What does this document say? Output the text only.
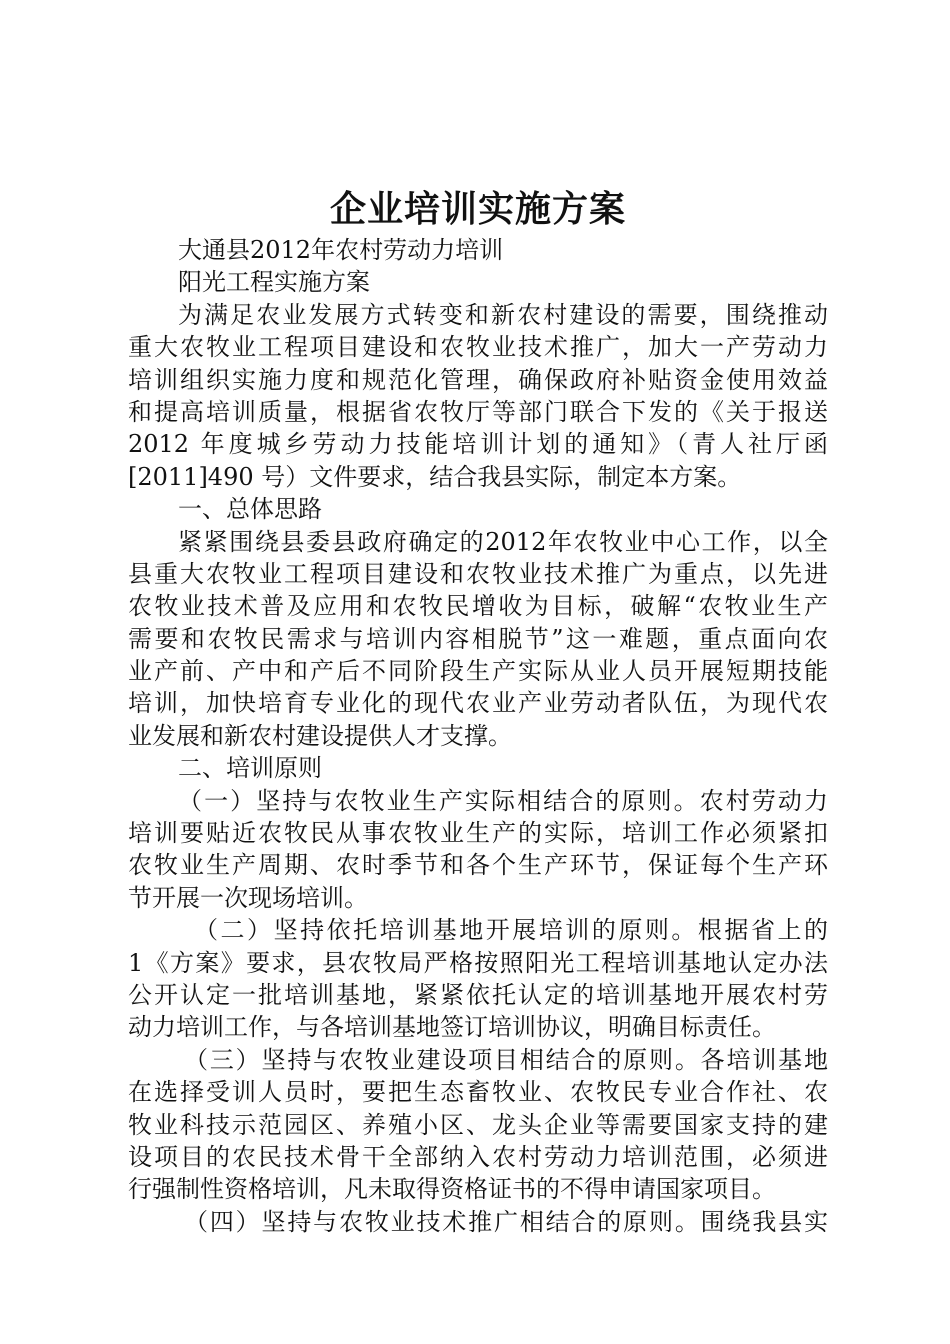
企业培训实施方案
大通县2012年农村劳动力培训
阳光工程实施方案
为满足农业发展方式转变和新农村建设的需要，围绕推动
重大农牧业工程项目建设和农牧业技术推广，加大一产劳动力
培训组织实施力度和规范化管理，确保政府补贴资金使用效益
和提高培训质量，根据省农牧厅等部门联合下发的《关于报送
2012 年度城乡劳动力技能培训计划的通知》（青人社厅函
[2011]490 号）文件要求，结合我县实际，制定本方案。
一、总体思路
紧紧围绕县委县政府确定的2012年农牧业中心工作，以全
县重大农牧业工程项目建设和农牧业技术推广为重点，以先进
农牧业技术普及应用和农牧民增收为目标，破解“农牧业生产
需要和农牧民需求与培训内容相脱节”这一难题，重点面向农
业产前、产中和产后不同阶段生产实际从业人员开展短期技能
培训，加快培育专业化的现代农业产业劳动者队伍，为现代农
业发展和新农村建设提供人才支撑。
二、培训原则
（一）坚持与农牧业生产实际相结合的原则。农村劳动力
培训要贴近农牧民从事农牧业生产的实际，培训工作必须紧扣
农牧业生产周期、农时季节和各个生产环节，保证每个生产环
节开展一次现场培训。
（二）坚持依托培训基地开展培训的原则。根据省上的
1《方案》要求，县农牧局严格按照阳光工程培训基地认定办法
公开认定一批培训基地，紧紧依托认定的培训基地开展农村劳
动力培训工作，与各培训基地签订培训协议，明确目标责任。
（三）坚持与农牧业建设项目相结合的原则。各培训基地
在选择受训人员时，要把生态畜牧业、农牧民专业合作社、农
牧业科技示范园区、养殖小区、龙头企业等需要国家支持的建
设项目的农民技术骨干全部纳入农村劳动力培训范围，必须进
行强制性资格培训，凡未取得资格证书的不得申请国家项目。
（四）坚持与农牧业技术推广相结合的原则。围绕我县实
